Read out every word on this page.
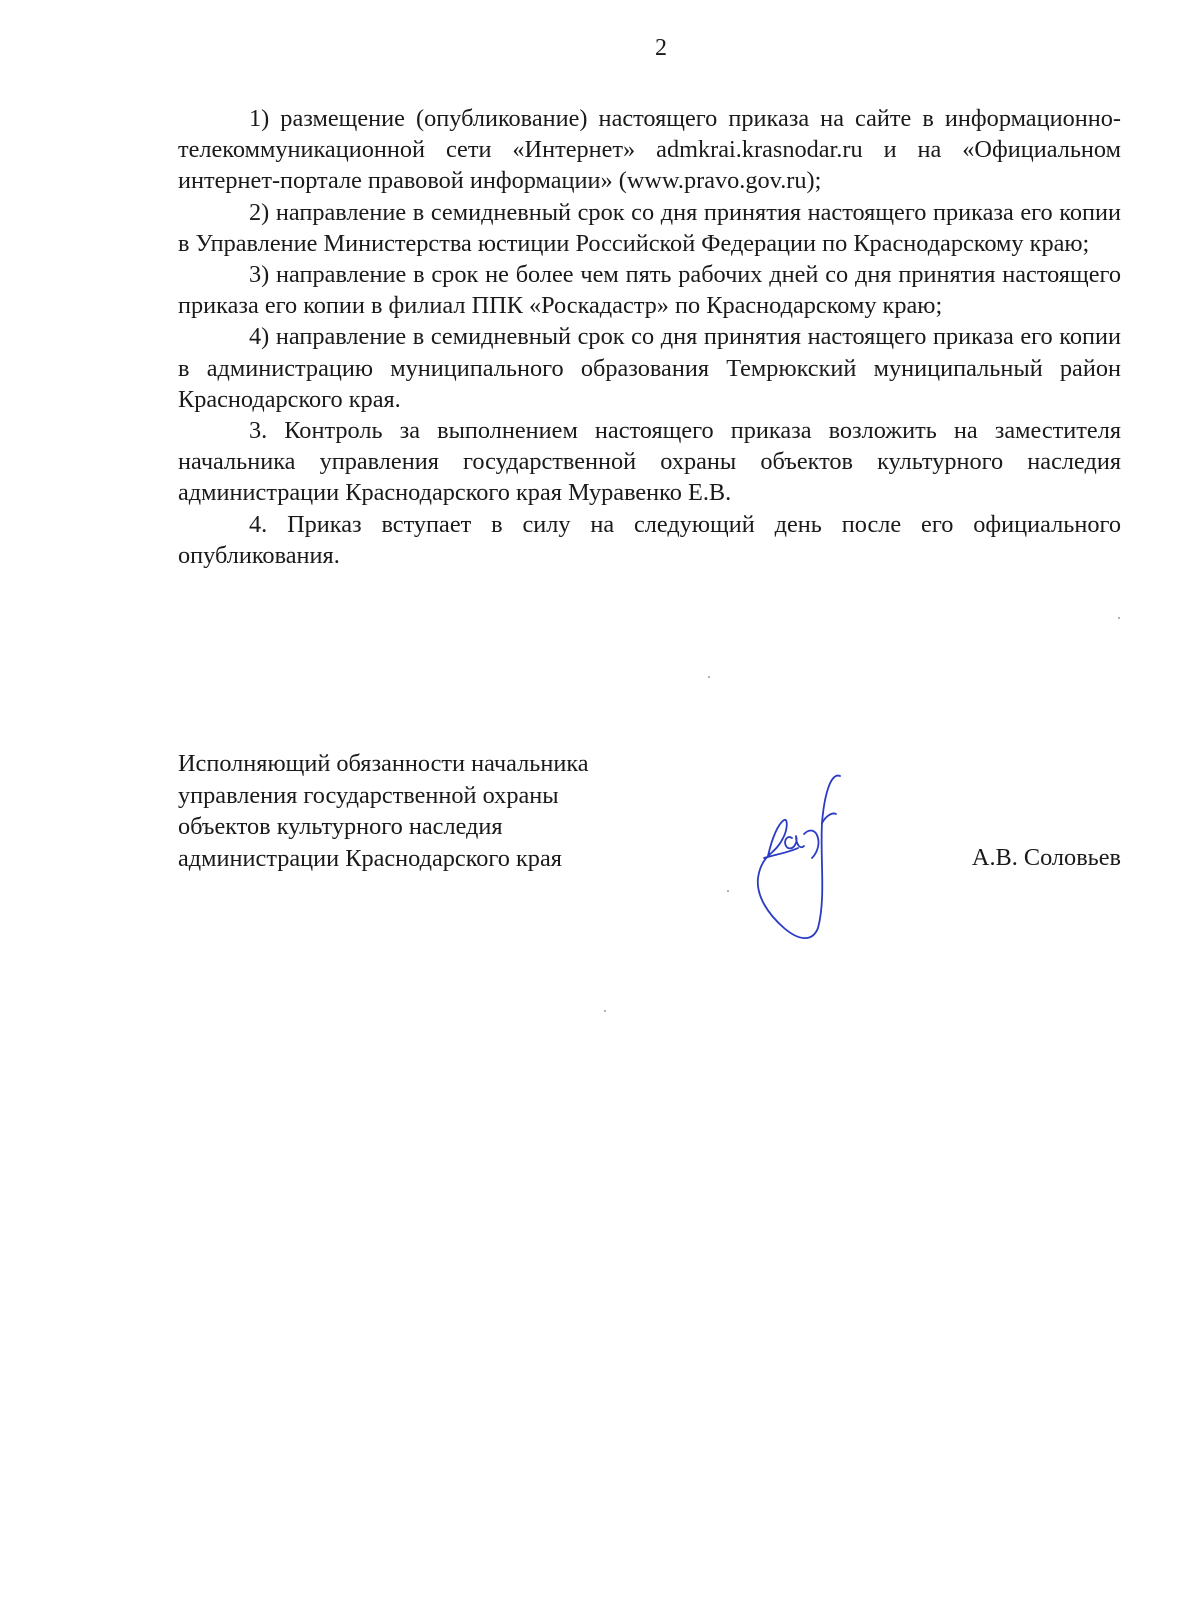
2

1) размещение (опубликование) настоящего приказа на сайте в информационно-телекоммуникационной сети «Интернет» admkrai.krasnodar.ru и на «Официальном интернет-портале правовой информации» (www.pravo.gov.ru);

2) направление в семидневный срок со дня принятия настоящего приказа его копии в Управление Министерства юстиции Российской Федерации по Краснодарскому краю;

3) направление в срок не более чем пять рабочих дней со дня принятия настоящего приказа его копии в филиал ППК «Роскадастр» по Краснодарскому краю;

4) направление в семидневный срок со дня принятия настоящего приказа его копии в администрацию муниципального образования Темрюкский муниципальный район Краснодарского края.

3. Контроль за выполнением настоящего приказа возложить на заместителя начальника управления государственной охраны объектов культурного наследия администрации Краснодарского края Муравенко Е.В.

4. Приказ вступает в силу на следующий день после его официального опубликования.

Исполняющий обязанности начальника
управления государственной охраны
объектов культурного наследия
администрации Краснодарского края	А.В. Соловьев
